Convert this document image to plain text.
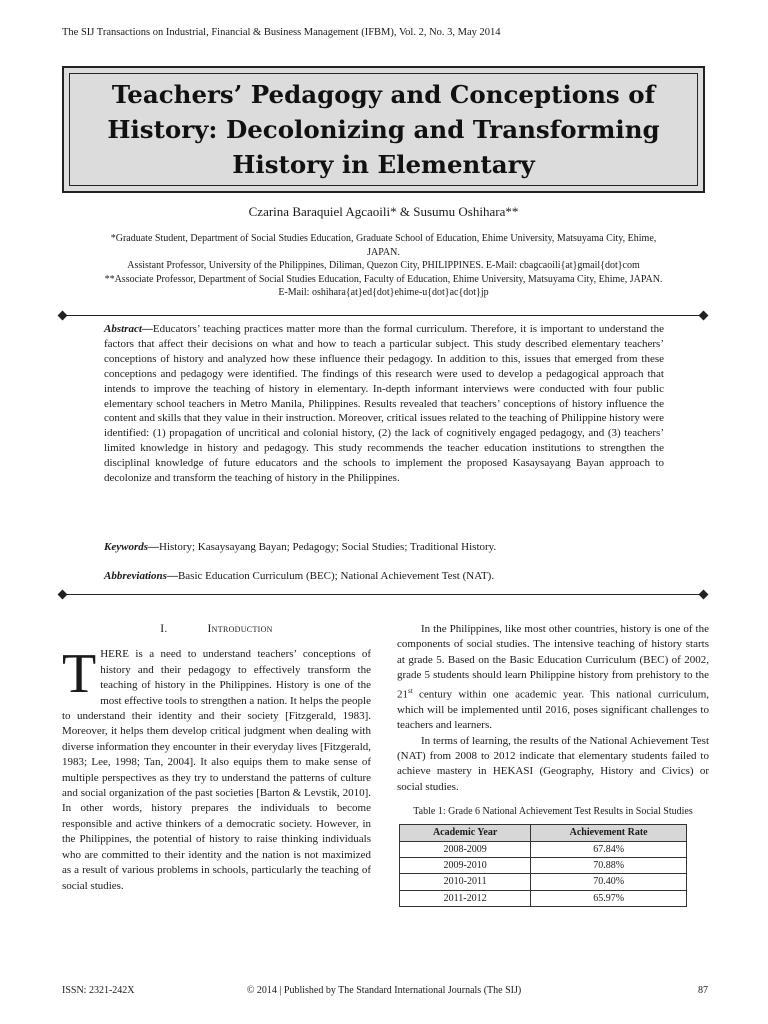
The SIJ Transactions on Industrial, Financial & Business Management (IFBM), Vol. 2, No. 3, May 2014
Teachers’ Pedagogy and Conceptions of
History: Decolonizing and Transforming
History in Elementary
Czarina Baraquiel Agcaoili* & Susumu Oshihara**
*Graduate Student, Department of Social Studies Education, Graduate School of Education, Ehime University, Matsuyama City, Ehime,
JAPAN.
Assistant Professor, University of the Philippines, Diliman, Quezon City, PHILIPPINES. E-Mail: cbagcaoili{at}gmail{dot}com
**Associate Professor, Department of Social Studies Education, Faculty of Education, Ehime University, Matsuyama City, Ehime, JAPAN.
E-Mail: oshihara{at}ed{dot}ehime-u{dot}ac{dot}jp
Abstract—Educators’ teaching practices matter more than the formal curriculum. Therefore, it is important to understand the factors that affect their decisions on what and how to teach a particular subject. This study described elementary teachers’ conceptions of history and analyzed how these influence their pedagogy. In addition to this, issues that emerged from these conceptions and pedagogy were identified. The findings of this research were used to develop a pedagogical approach that intends to improve the teaching of history in elementary. In-depth informant interviews were conducted with four public elementary school teachers in Metro Manila, Philippines. Results revealed that teachers’ conceptions of history influence the content and skills that they value in their instruction. Moreover, critical issues related to the teaching of Philippine history were identified: (1) propagation of uncritical and colonial history, (2) the lack of cognitively engaged pedagogy, and (3) teachers’ limited knowledge in history and pedagogy. This study recommends the teacher education institutions to strengthen the disciplinal knowledge of future educators and the schools to implement the proposed Kasaysayang Bayan approach to decolonize and transform the teaching of history in the Philippines.
Keywords—History; Kasaysayang Bayan; Pedagogy; Social Studies; Traditional History.
Abbreviations—Basic Education Curriculum (BEC); National Achievement Test (NAT).
I.	Introduction

THERE is a need to understand teachers’ conceptions of history and their pedagogy to effectively transform the teaching of history in the Philippines. History is one of the most effective tools to strengthen a nation. It helps the people to understand their identity and their society [Fitzgerald, 1983]. Moreover, it helps them develop critical judgment when dealing with diverse information they encounter in their everyday lives [Fitzgerald, 1983; Lee, 1998; Tan, 2004]. It also equips them to make sense of multiple perspectives as they try to understand the patterns of culture and social organization of the past societies [Barton & Levstik, 2010]. In other words, history prepares the individuals to become responsible and active thinkers of a democratic society. However, in the Philippines, the potential of history to raise thinking individuals who are committed to their identity and the nation is not maximized as a result of various problems in schools, particularly the teaching of social studies.

In the Philippines, like most other countries, history is one of the components of social studies. The intensive teaching of history starts at grade 5. Based on the Basic Education Curriculum (BEC) of 2002, grade 5 students should learn Philippine history from prehistory to the 21st century within one academic year. This national curriculum, which will be implemented until 2016, poses significant challenges to teachers and learners.

In terms of learning, the results of the National Achievement Test (NAT) from 2008 to 2012 indicate that elementary students failed to achieve mastery in HEKASI (Geography, History and Civics) or social studies.

Table 1: Grade 6 National Achievement Test Results in Social Studies
Academic Year	Achievement Rate
2008-2009	67.84%
2009-2010	70.88%
2010-2011	70.40%
2011-2012	65.97%
© 2014 | Published by The Standard International Journals (The SIJ)
ISSN: 2321-242X	87
